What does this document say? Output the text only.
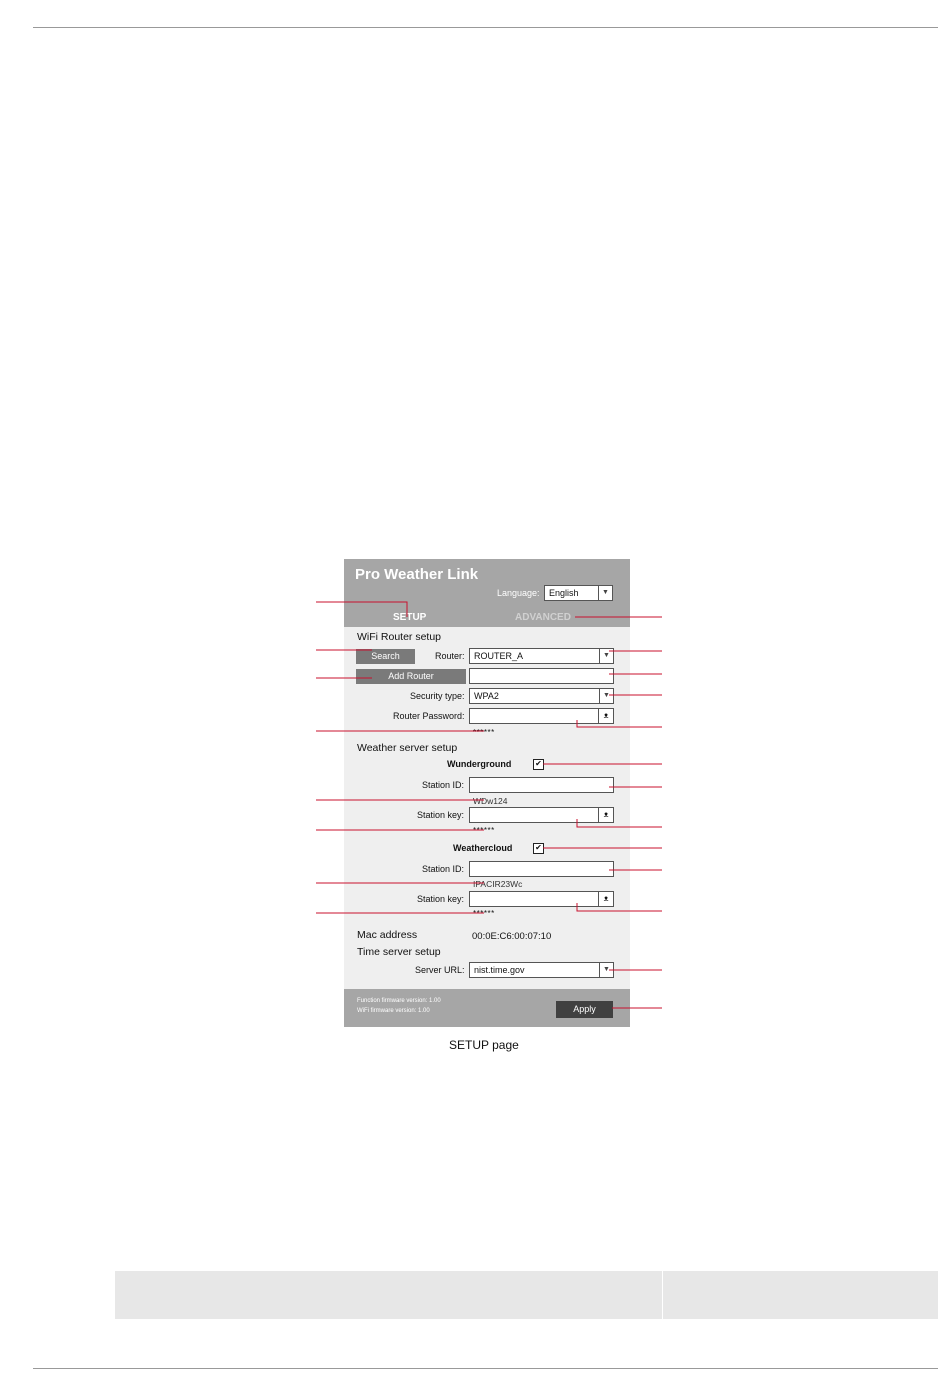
Pro Weather Link
Language: English	▼
SETUP	ADVANCED
WiFi Router setup
Search	Router: ROUTER_A	▼
Add Router
Security type: WPA2	▼
Router Password:	ᴥ
******
Weather server setup
Wunderground	✔
Station ID:
WDw124
Station key:	ᴥ
******
Weathercloud	✔
Station ID:
IPACIR23Wc
Station key:	ᴥ
******
Mac address	00:0E:C6:00:07:10
Time server setup
Server URL: nist.time.gov	▼
Function firmware version: 1.00
WiFi firmware version: 1.00	Apply
SETUP page
